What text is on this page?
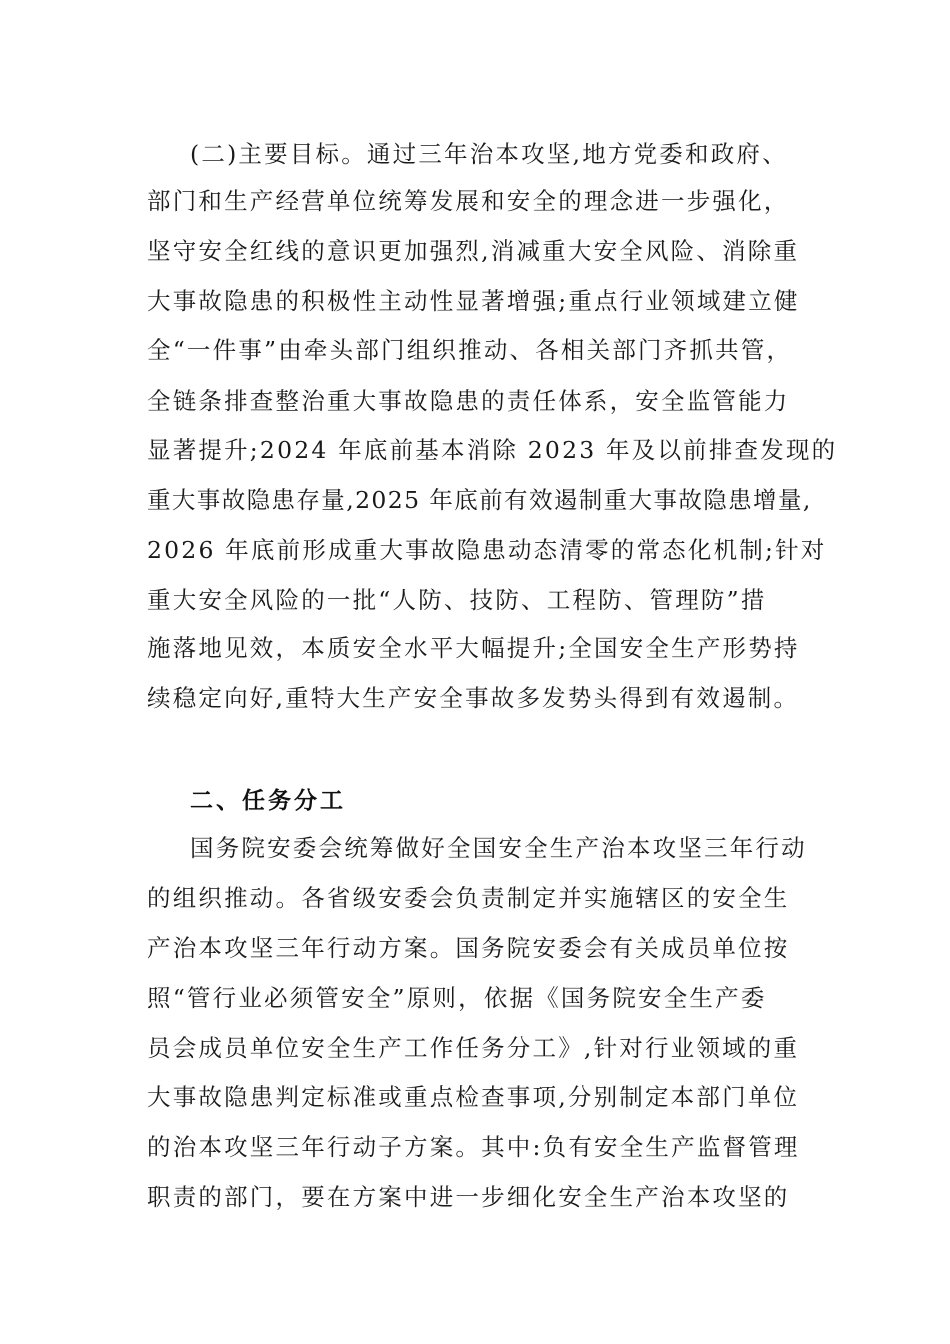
(二)主要目标。通过三年治本攻坚,地方党委和政府、
部门和生产经营单位统筹发展和安全的理念进一步强化，
坚守安全红线的意识更加强烈,消减重大安全风险、消除重
大事故隐患的积极性主动性显著增强;重点行业领域建立健
全“一件事”由牵头部门组织推动、各相关部门齐抓共管，
全链条排查整治重大事故隐患的责任体系，安全监管能力
显著提升;2024 年底前基本消除 2023 年及以前排查发现的
重大事故隐患存量,2025 年底前有效遏制重大事故隐患增量,
2026 年底前形成重大事故隐患动态清零的常态化机制;针对
重大安全风险的一批“人防、技防、工程防、管理防”措
施落地见效，本质安全水平大幅提升;全国安全生产形势持
续稳定向好,重特大生产安全事故多发势头得到有效遏制。
二、任务分工
国务院安委会统筹做好全国安全生产治本攻坚三年行动
的组织推动。各省级安委会负责制定并实施辖区的安全生
产治本攻坚三年行动方案。国务院安委会有关成员单位按
照“管行业必须管安全”原则，依据《国务院安全生产委
员会成员单位安全生产工作任务分工》,针对行业领域的重
大事故隐患判定标准或重点检查事项,分别制定本部门单位
的治本攻坚三年行动子方案。其中:负有安全生产监督管理
职责的部门，要在方案中进一步细化安全生产治本攻坚的
